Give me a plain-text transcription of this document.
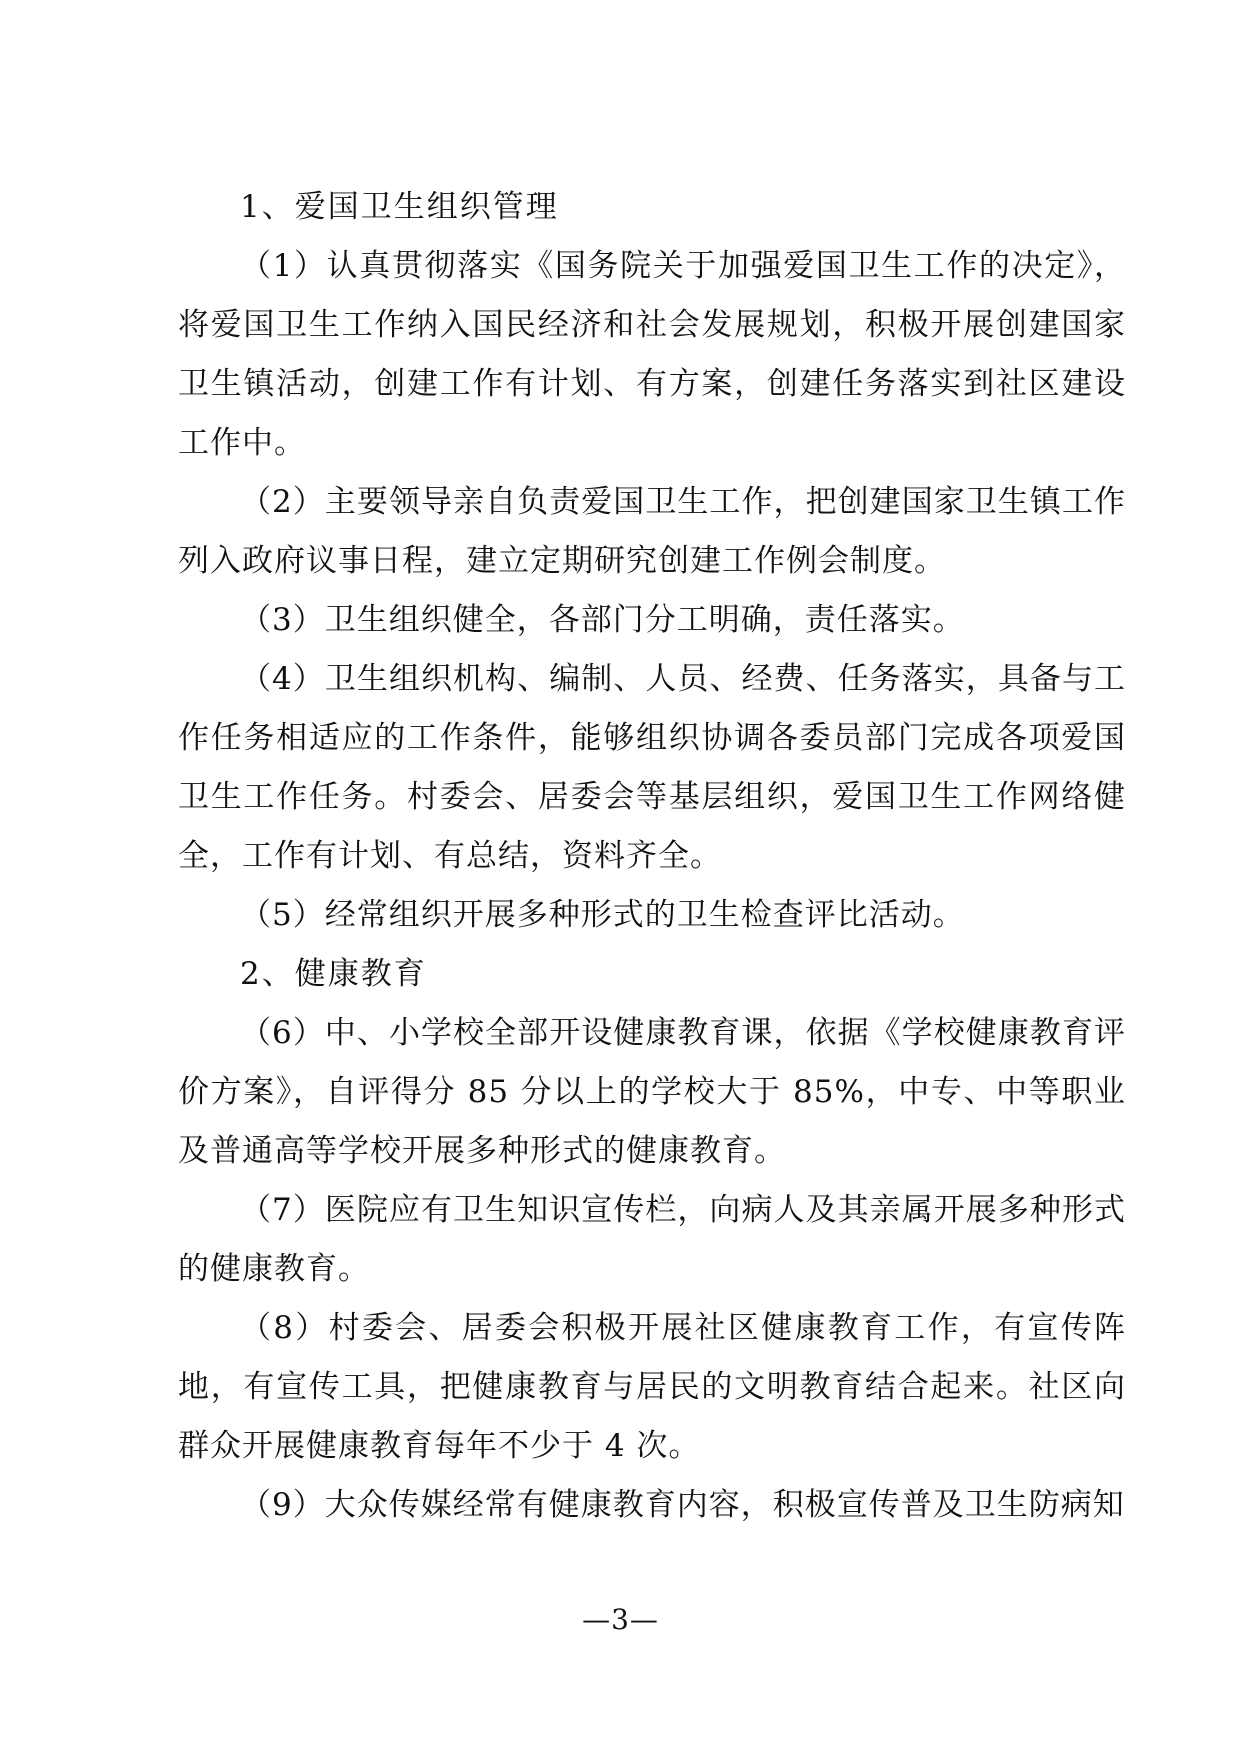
1、爱国卫生组织管理

（1）认真贯彻落实《国务院关于加强爱国卫生工作的决定》，将爱国卫生工作纳入国民经济和社会发展规划，积极开展创建国家卫生镇活动，创建工作有计划、有方案，创建任务落实到社区建设工作中。

（2）主要领导亲自负责爱国卫生工作，把创建国家卫生镇工作列入政府议事日程，建立定期研究创建工作例会制度。

（3）卫生组织健全，各部门分工明确，责任落实。

（4）卫生组织机构、编制、人员、经费、任务落实，具备与工作任务相适应的工作条件，能够组织协调各委员部门完成各项爱国卫生工作任务。村委会、居委会等基层组织，爱国卫生工作网络健全，工作有计划、有总结，资料齐全。

（5）经常组织开展多种形式的卫生检查评比活动。

2、健康教育

（6）中、小学校全部开设健康教育课，依据《学校健康教育评价方案》，自评得分 85 分以上的学校大于 85%，中专、中等职业及普通高等学校开展多种形式的健康教育。

（7）医院应有卫生知识宣传栏，向病人及其亲属开展多种形式的健康教育。

（8）村委会、居委会积极开展社区健康教育工作，有宣传阵地，有宣传工具，把健康教育与居民的文明教育结合起来。社区向群众开展健康教育每年不少于 4 次。

（9）大众传媒经常有健康教育内容，积极宣传普及卫生防病知

—3—
